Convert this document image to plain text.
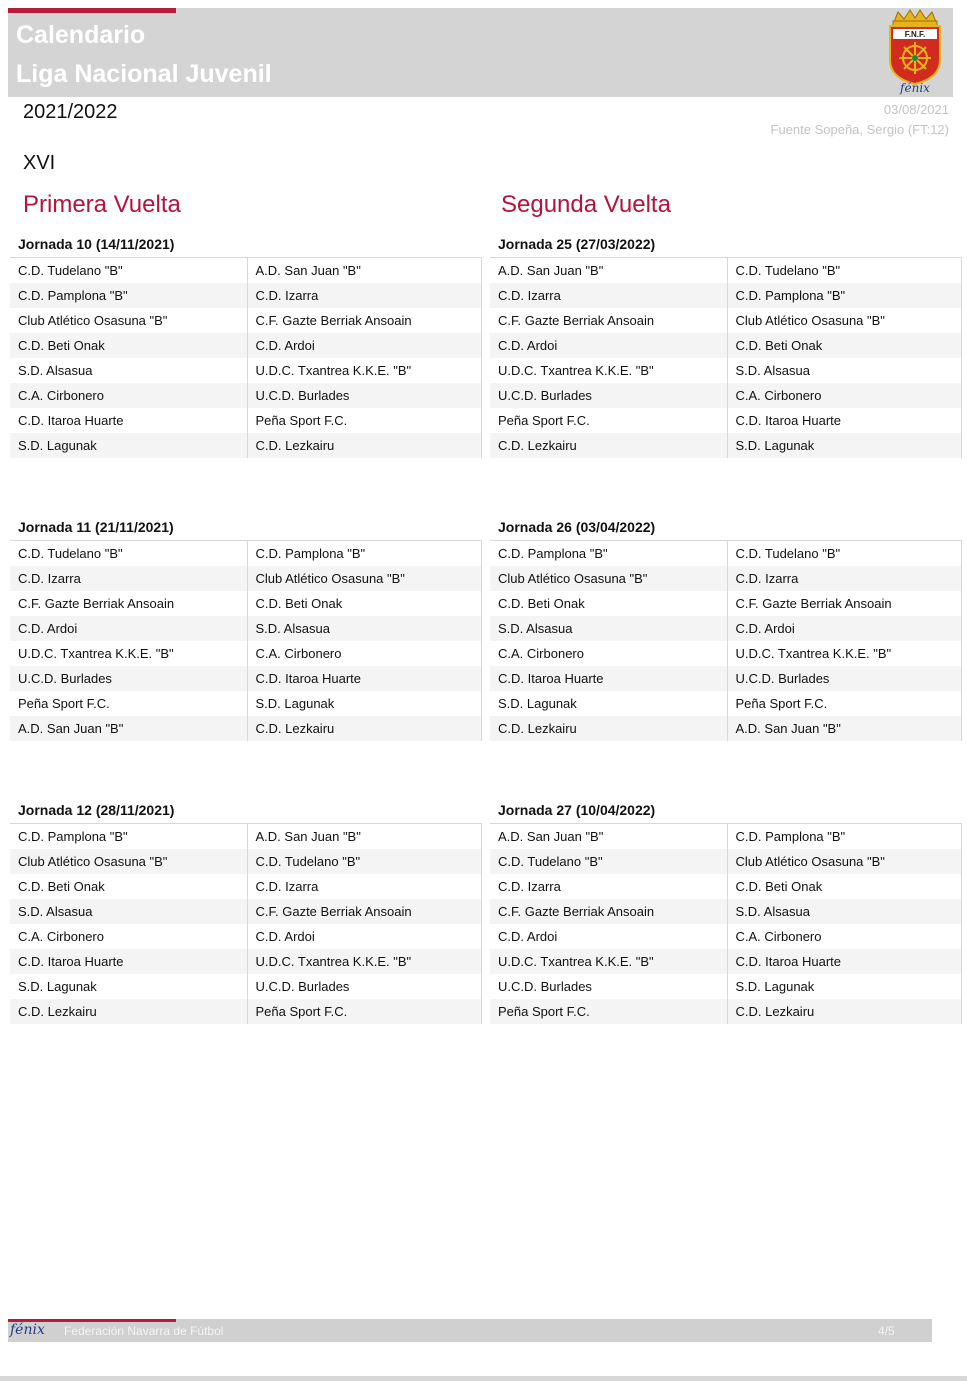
Calendario
Liga Nacional Juvenil
F.N.F.
fénix
2021/2022	03/08/2021
Fuente Sopeña, Sergio (FT:12)
XVI
Primera Vuelta	Segunda Vuelta
Jornada 10 (14/11/2021)
C.D. Tudelano "B"	A.D. San Juan "B"
C.D. Pamplona "B"	C.D. Izarra
Club Atlético Osasuna "B"	C.F. Gazte Berriak Ansoain
C.D. Beti Onak	C.D. Ardoi
S.D. Alsasua	U.D.C. Txantrea K.K.E. "B"
C.A. Cirbonero	U.C.D. Burlades
C.D. Itaroa Huarte	Peña Sport F.C.
S.D. Lagunak	C.D. Lezkairu
Jornada 25 (27/03/2022)
A.D. San Juan "B"	C.D. Tudelano "B"
C.D. Izarra	C.D. Pamplona "B"
C.F. Gazte Berriak Ansoain	Club Atlético Osasuna "B"
C.D. Ardoi	C.D. Beti Onak
U.D.C. Txantrea K.K.E. "B"	S.D. Alsasua
U.C.D. Burlades	C.A. Cirbonero
Peña Sport F.C.	C.D. Itaroa Huarte
C.D. Lezkairu	S.D. Lagunak
Jornada 11 (21/11/2021)
C.D. Tudelano "B"	C.D. Pamplona "B"
C.D. Izarra	Club Atlético Osasuna "B"
C.F. Gazte Berriak Ansoain	C.D. Beti Onak
C.D. Ardoi	S.D. Alsasua
U.D.C. Txantrea K.K.E. "B"	C.A. Cirbonero
U.C.D. Burlades	C.D. Itaroa Huarte
Peña Sport F.C.	S.D. Lagunak
A.D. San Juan "B"	C.D. Lezkairu
Jornada 26 (03/04/2022)
C.D. Pamplona "B"	C.D. Tudelano "B"
Club Atlético Osasuna "B"	C.D. Izarra
C.D. Beti Onak	C.F. Gazte Berriak Ansoain
S.D. Alsasua	C.D. Ardoi
C.A. Cirbonero	U.D.C. Txantrea K.K.E. "B"
C.D. Itaroa Huarte	U.C.D. Burlades
S.D. Lagunak	Peña Sport F.C.
C.D. Lezkairu	A.D. San Juan "B"
Jornada 12 (28/11/2021)
C.D. Pamplona "B"	A.D. San Juan "B"
Club Atlético Osasuna "B"	C.D. Tudelano "B"
C.D. Beti Onak	C.D. Izarra
S.D. Alsasua	C.F. Gazte Berriak Ansoain
C.A. Cirbonero	C.D. Ardoi
C.D. Itaroa Huarte	U.D.C. Txantrea K.K.E. "B"
S.D. Lagunak	U.C.D. Burlades
C.D. Lezkairu	Peña Sport F.C.
Jornada 27 (10/04/2022)
A.D. San Juan "B"	C.D. Pamplona "B"
C.D. Tudelano "B"	Club Atlético Osasuna "B"
C.D. Izarra	C.D. Beti Onak
C.F. Gazte Berriak Ansoain	S.D. Alsasua
C.D. Ardoi	C.A. Cirbonero
U.D.C. Txantrea K.K.E. "B"	C.D. Itaroa Huarte
U.C.D. Burlades	S.D. Lagunak
Peña Sport F.C.	C.D. Lezkairu
fénix Federación Navarra de Fútbol	4/5
